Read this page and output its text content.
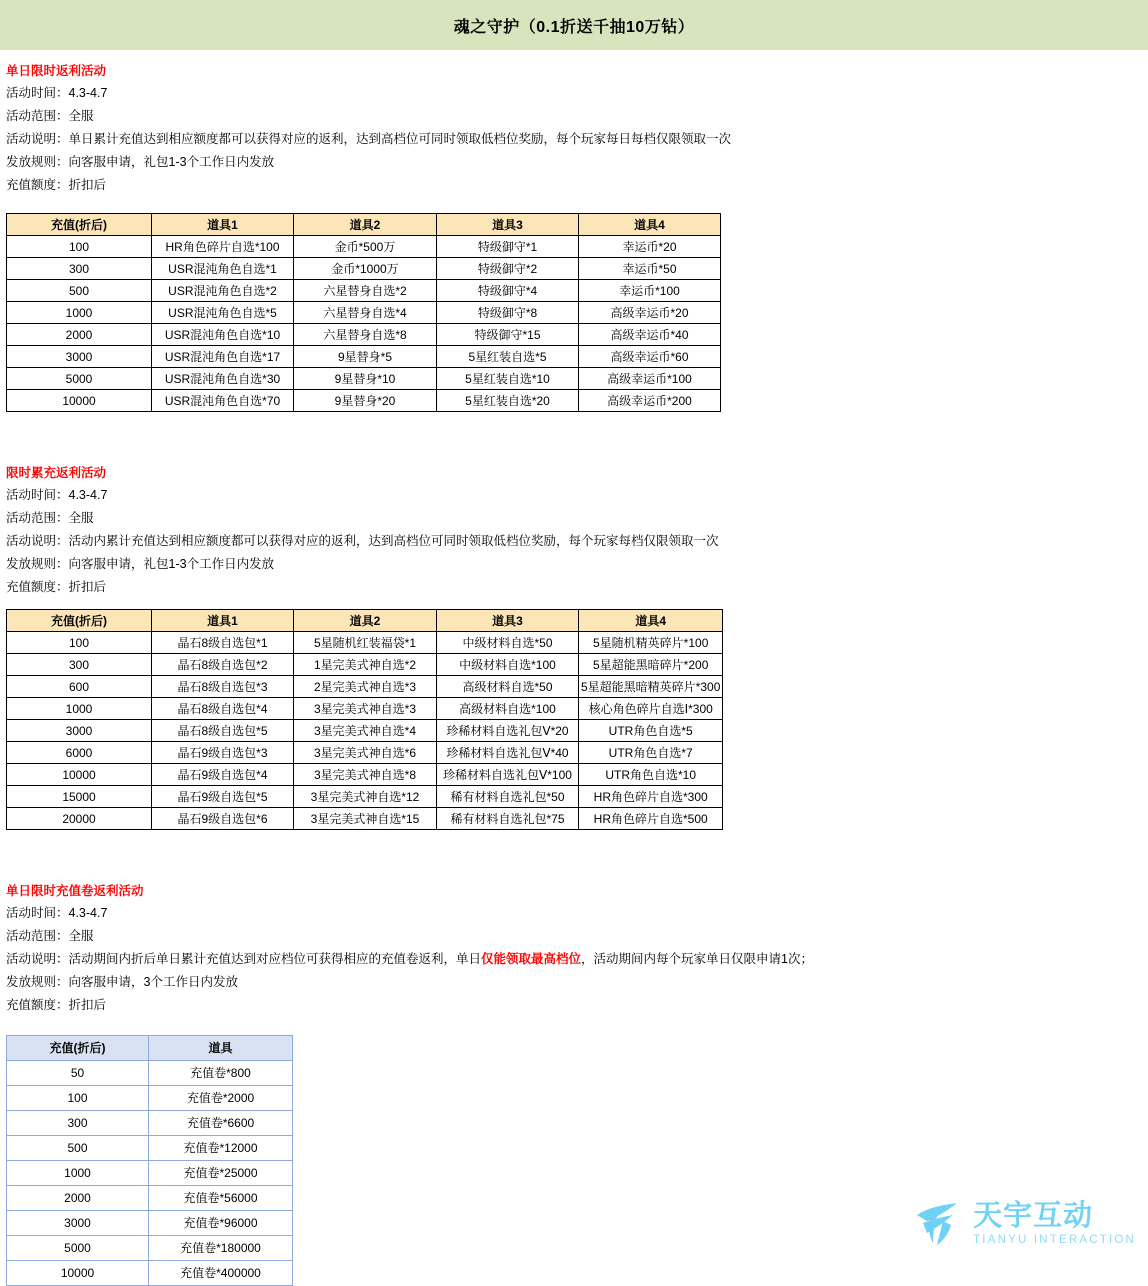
魂之守护（0.1折送千抽10万钻）
单日限时返利活动
活动时间：4.3-4.7
活动范围：全服
活动说明：单日累计充值达到相应额度都可以获得对应的返利，达到高档位可同时领取低档位奖励，每个玩家每日每档仅限领取一次
发放规则：向客服申请，礼包1-3个工作日内发放
充值额度：折扣后
充值(折后)	道具1	道具2	道具3	道具4
100	HR角色碎片自选*100	金币*500万	特级御守*1	幸运币*20
300	USR混沌角色自选*1	金币*1000万	特级御守*2	幸运币*50
500	USR混沌角色自选*2	六星替身自选*2	特级御守*4	幸运币*100
1000	USR混沌角色自选*5	六星替身自选*4	特级御守*8	高级幸运币*20
2000	USR混沌角色自选*10	六星替身自选*8	特级御守*15	高级幸运币*40
3000	USR混沌角色自选*17	9星替身*5	5星红装自选*5	高级幸运币*60
5000	USR混沌角色自选*30	9星替身*10	5星红装自选*10	高级幸运币*100
10000	USR混沌角色自选*70	9星替身*20	5星红装自选*20	高级幸运币*200
限时累充返利活动
活动时间：4.3-4.7
活动范围：全服
活动说明：活动内累计充值达到相应额度都可以获得对应的返利，达到高档位可同时领取低档位奖励，每个玩家每档仅限领取一次
发放规则：向客服申请，礼包1-3个工作日内发放
充值额度：折扣后
充值(折后)	道具1	道具2	道具3	道具4
100	晶石8级自选包*1	5星随机红装福袋*1	中级材料自选*50	5星随机精英碎片*100
300	晶石8级自选包*2	1星完美式神自选*2	中级材料自选*100	5星超能黑暗碎片*200
600	晶石8级自选包*3	2星完美式神自选*3	高级材料自选*50	5星超能黑暗精英碎片*300
1000	晶石8级自选包*4	3星完美式神自选*3	高级材料自选*100	核心角色碎片自选Ⅰ*300
3000	晶石8级自选包*5	3星完美式神自选*4	珍稀材料自选礼包Ⅴ*20	UTR角色自选*5
6000	晶石9级自选包*3	3星完美式神自选*6	珍稀材料自选礼包Ⅴ*40	UTR角色自选*7
10000	晶石9级自选包*4	3星完美式神自选*8	珍稀材料自选礼包Ⅴ*100	UTR角色自选*10
15000	晶石9级自选包*5	3星完美式神自选*12	稀有材料自选礼包*50	HR角色碎片自选*300
20000	晶石9级自选包*6	3星完美式神自选*15	稀有材料自选礼包*75	HR角色碎片自选*500
单日限时充值卷返利活动
活动时间：4.3-4.7
活动范围：全服
活动说明：活动期间内折后单日累计充值达到对应档位可获得相应的充值卷返利，单日仅能领取最高档位，活动期间内每个玩家单日仅限申请1次；
发放规则：向客服申请，3个工作日内发放
充值额度：折扣后
充值(折后)	道具
50	充值卷*800
100	充值卷*2000
300	充值卷*6600
500	充值卷*12000
1000	充值卷*25000
2000	充值卷*56000
3000	充值卷*96000
5000	充值卷*180000
10000	充值卷*400000
天宇互动
TIANYU INTERACTION
